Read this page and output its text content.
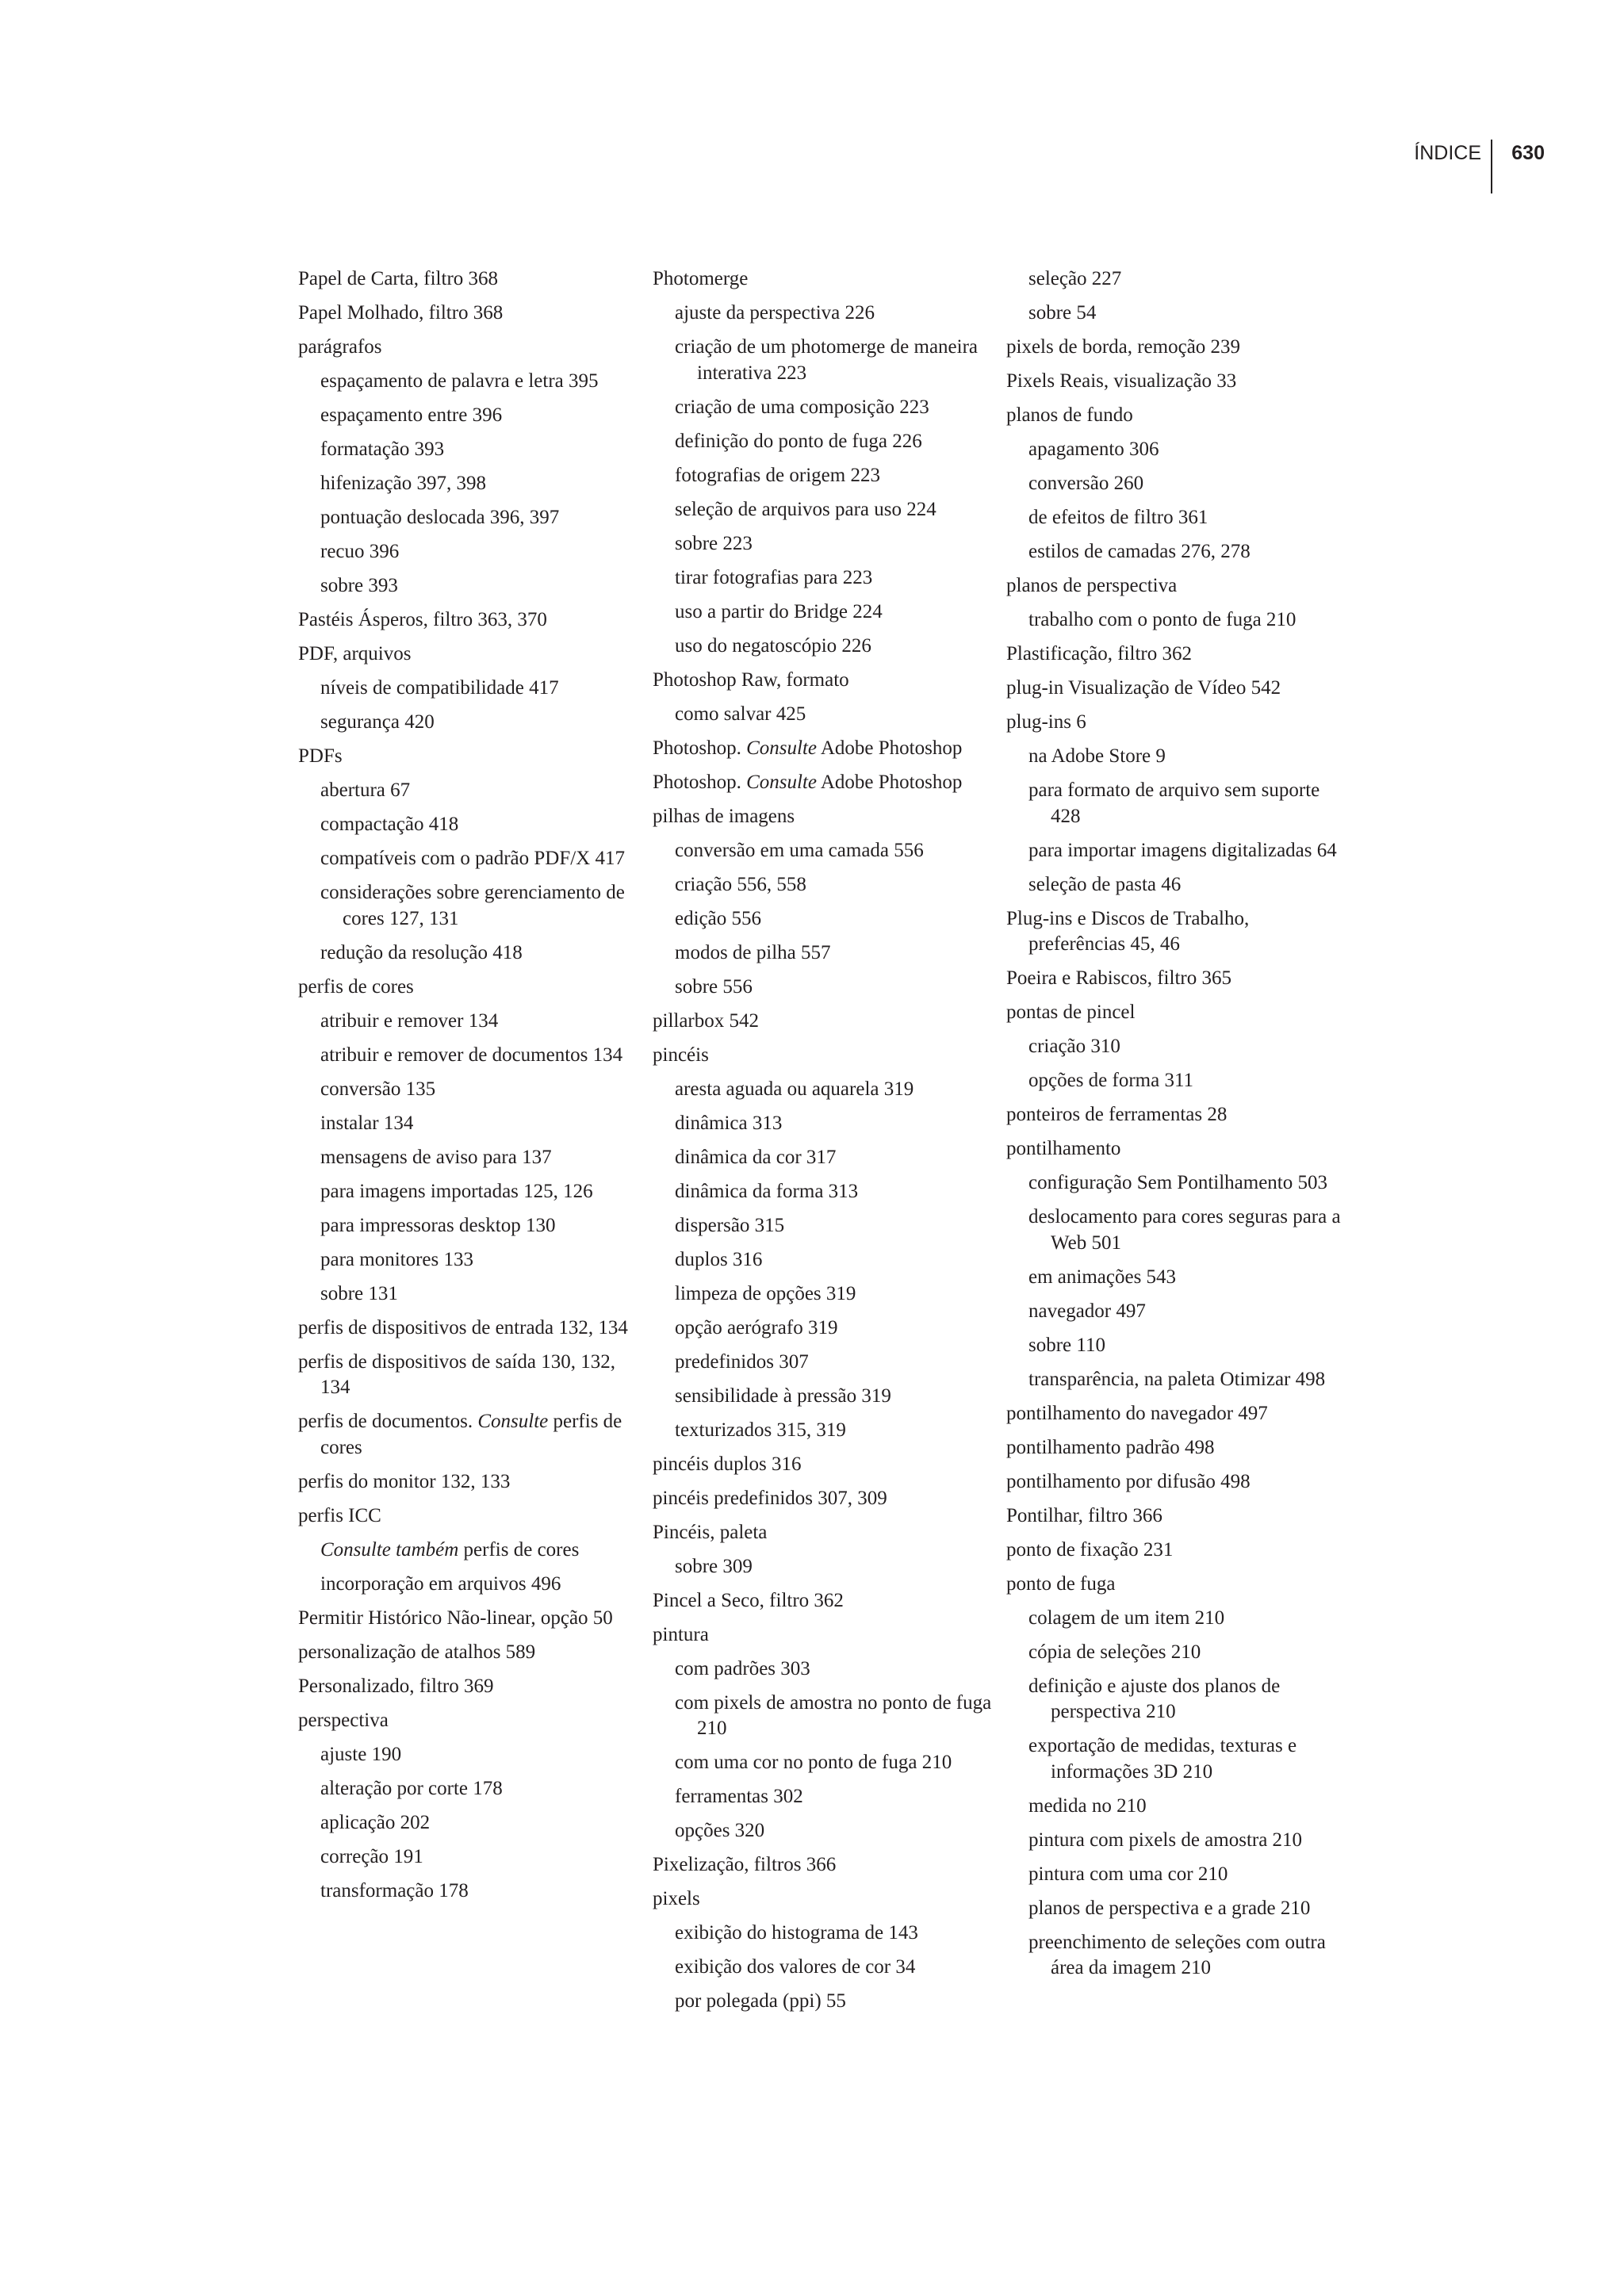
ÍNDICE 630
Papel de Carta, filtro 368
Papel Molhado, filtro 368
parágrafos
espaçamento de palavra e letra 395
espaçamento entre 396
formatação 393
hifenização 397, 398
pontuação deslocada 396, 397
recuo 396
sobre 393
Pastéis Ásperos, filtro 363, 370
PDF, arquivos
níveis de compatibilidade 417
segurança 420
PDFs
abertura 67
compactação 418
compatíveis com o padrão PDF/X 417
considerações sobre gerenciamento de cores 127, 131
redução da resolução 418
perfis de cores
atribuir e remover 134
atribuir e remover de documentos 134
conversão 135
instalar 134
mensagens de aviso para 137
para imagens importadas 125, 126
para impressoras desktop 130
para monitores 133
sobre 131
perfis de dispositivos de entrada 132, 134
perfis de dispositivos de saída 130, 132, 134
perfis de documentos. Consulte perfis de cores
perfis do monitor 132, 133
perfis ICC
Consulte também perfis de cores
incorporação em arquivos 496
Permitir Histórico Não-linear, opção 50
personalização de atalhos 589
Personalizado, filtro 369
perspectiva
ajuste 190
alteração por corte 178
aplicação 202
correção 191
transformação 178
Photomerge
ajuste da perspectiva 226
criação de um photomerge de maneira interativa 223
criação de uma composição 223
definição do ponto de fuga 226
fotografias de origem 223
seleção de arquivos para uso 224
sobre 223
tirar fotografias para 223
uso a partir do Bridge 224
uso do negatoscópio 226
Photoshop Raw, formato
como salvar 425
Photoshop. Consulte Adobe Photoshop
Photoshop. Consulte Adobe Photoshop
pilhas de imagens
conversão em uma camada 556
criação 556, 558
edição 556
modos de pilha 557
sobre 556
pillarbox 542
pincéis
aresta aguada ou aquarela 319
dinâmica 313
dinâmica da cor 317
dinâmica da forma 313
dispersão 315
duplos 316
limpeza de opções 319
opção aerógrafo 319
predefinidos 307
sensibilidade à pressão 319
texturizados 315, 319
pincéis duplos 316
pincéis predefinidos 307, 309
Pincéis, paleta
sobre 309
Pincel a Seco, filtro 362
pintura
com padrões 303
com pixels de amostra no ponto de fuga 210
com uma cor no ponto de fuga 210
ferramentas 302
opções 320
Pixelização, filtros 366
pixels
exibição do histograma de 143
exibição dos valores de cor 34
por polegada (ppi) 55
seleção 227
sobre 54
pixels de borda, remoção 239
Pixels Reais, visualização 33
planos de fundo
apagamento 306
conversão 260
de efeitos de filtro 361
estilos de camadas 276, 278
planos de perspectiva
trabalho com o ponto de fuga 210
Plastificação, filtro 362
plug-in Visualização de Vídeo 542
plug-ins 6
na Adobe Store 9
para formato de arquivo sem suporte 428
para importar imagens digitalizadas 64
seleção de pasta 46
Plug-ins e Discos de Trabalho, preferências 45, 46
Poeira e Rabiscos, filtro 365
pontas de pincel
criação 310
opções de forma 311
ponteiros de ferramentas 28
pontilhamento
configuração Sem Pontilhamento 503
deslocamento para cores seguras para a Web 501
em animações 543
navegador 497
sobre 110
transparência, na paleta Otimizar 498
pontilhamento do navegador 497
pontilhamento padrão 498
pontilhamento por difusão 498
Pontilhar, filtro 366
ponto de fixação 231
ponto de fuga
colagem de um item 210
cópia de seleções 210
definição e ajuste dos planos de perspectiva 210
exportação de medidas, texturas e informações 3D 210
medida no 210
pintura com pixels de amostra 210
pintura com uma cor 210
planos de perspectiva e a grade 210
preenchimento de seleções com outra área da imagem 210
